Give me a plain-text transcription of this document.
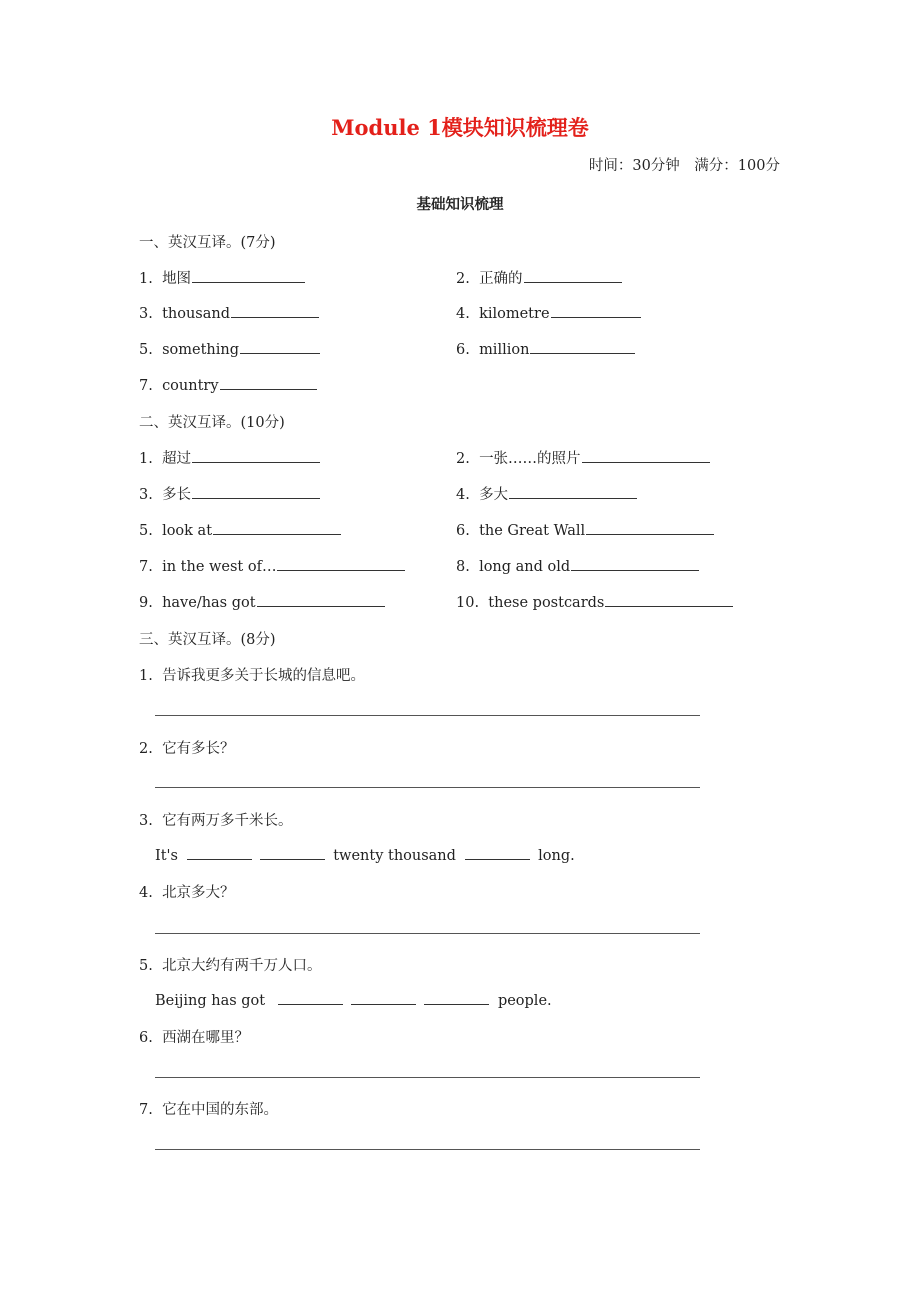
Module 1模块知识梳理卷
时间：30分钟　满分：100分
基础知识梳理
一、英汉互译。(7分)
1. 地图	2. 正确的
3. thousand	4. kilometre
5. something	6. million
7. country
二、英汉互译。(10分)
1. 超过	2. 一张……的照片
3. 多长	4. 多大
5. look at	6. the Great Wall
7. in the west of…	8. long and old
9. have/has got	10. these postcards
三、英汉互译。(8分)
1. 告诉我更多关于长城的信息吧。
2. 它有多长？
3. 它有两万多千米长。
It's	twenty thousand	long.
4. 北京多大？
5. 北京大约有两千万人口。
Beijing has got	people.
6. 西湖在哪里？
7. 它在中国的东部。
